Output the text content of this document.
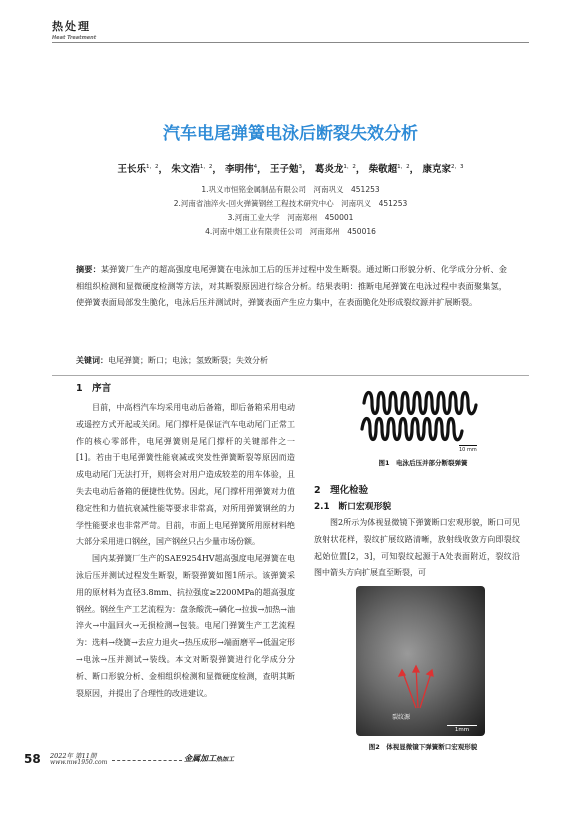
热处理
Heat Treatment
汽车电尾弹簧电泳后断裂失效分析
王长乐$^{1,2}$， 朱文浩$^{1,2}$， 李明伟$^4$， 王子勉$^3$， 葛炎龙$^{1,2}$， 柴敬超$^{1,2}$， 康克家$^{2,3}$
1.巩义市恒铭金属制品有限公司　河南巩义　451253
2.河南省油淬火-回火弹簧钢丝工程技术研究中心　河南巩义　451253
3.河南工业大学　河南郑州　450001
4.河南中烟工业有限责任公司　河南郑州　450016
摘要：某弹簧厂生产的超高强度电尾弹簧在电泳加工后的压并过程中发生断裂。通过断口形貌分析、化学成分分析、金相组织检测和显微硬度检测等方法，对其断裂原因进行综合分析。结果表明：推断电尾弹簧在电泳过程中表面聚集氢，使弹簧表面局部发生脆化，电泳后压并测试时，弹簧表面产生应力集中，在表面脆化处形成裂纹源并扩展断裂。
关键词：电尾弹簧；断口；电泳；氢致断裂；失效分析
1　序言

目前，中高档汽车均采用电动后备箱，即后备箱采用电动或遥控方式开起或关闭。尾门撑杆是保证汽车电动尾门正常工作的核心零部件，电尾弹簧则是尾门撑杆的关键部件之一[1]。若由于电尾弹簧性能衰减或突发性弹簧断裂等原因而造成电动尾门无法打开，则将会对用户造成较差的用车体验，且失去电动后备箱的便捷性优势。因此，尾门撑杆用弹簧对力值稳定性和力值抗衰减性能等要求非常高，对所用弹簧钢丝的力学性能要求也非常严苛。目前，市面上电尾弹簧所用原材料绝大部分采用进口钢丝，国产钢丝只占少量市场份额。

国内某弹簧厂生产的SAE9254HV超高强度电尾弹簧在电泳后压并测试过程发生断裂，断裂弹簧如图1所示。该弹簧采用的原材料为直径3.8mm、抗拉强度≥2200MPa的超高强度钢丝。钢丝生产工艺流程为：盘条酸洗→磷化→拉拔→加热→油淬火→中温回火→无损检测→包装。电尾门弹簧生产工艺流程为：选料→绕簧→去应力退火→热压成形→端面磨平→低温定形→电泳→压并测试→装线。本文对断裂弹簧进行化学成分分析、断口形貌分析、金相组织检测和显微硬度检测，查明其断裂原因，并提出了合理性的改进建议。

10 mm
图1　电泳后压并部分断裂弹簧
2　理化检验
2.1　断口宏观形貌

图2所示为体视显微镜下弹簧断口宏观形貌，断口可见放射状花样，裂纹扩展纹路清晰，放射线收敛方向即裂纹起始位置[2，3]，可知裂纹起源于A处表面附近，裂纹沿图中箭头方向扩展直至断裂，可

裂纹源
1mm
图2　体视显微镜下弹簧断口宏观形貌
58 2022年 第11期
www.mw1950.com	金属加工热加工
